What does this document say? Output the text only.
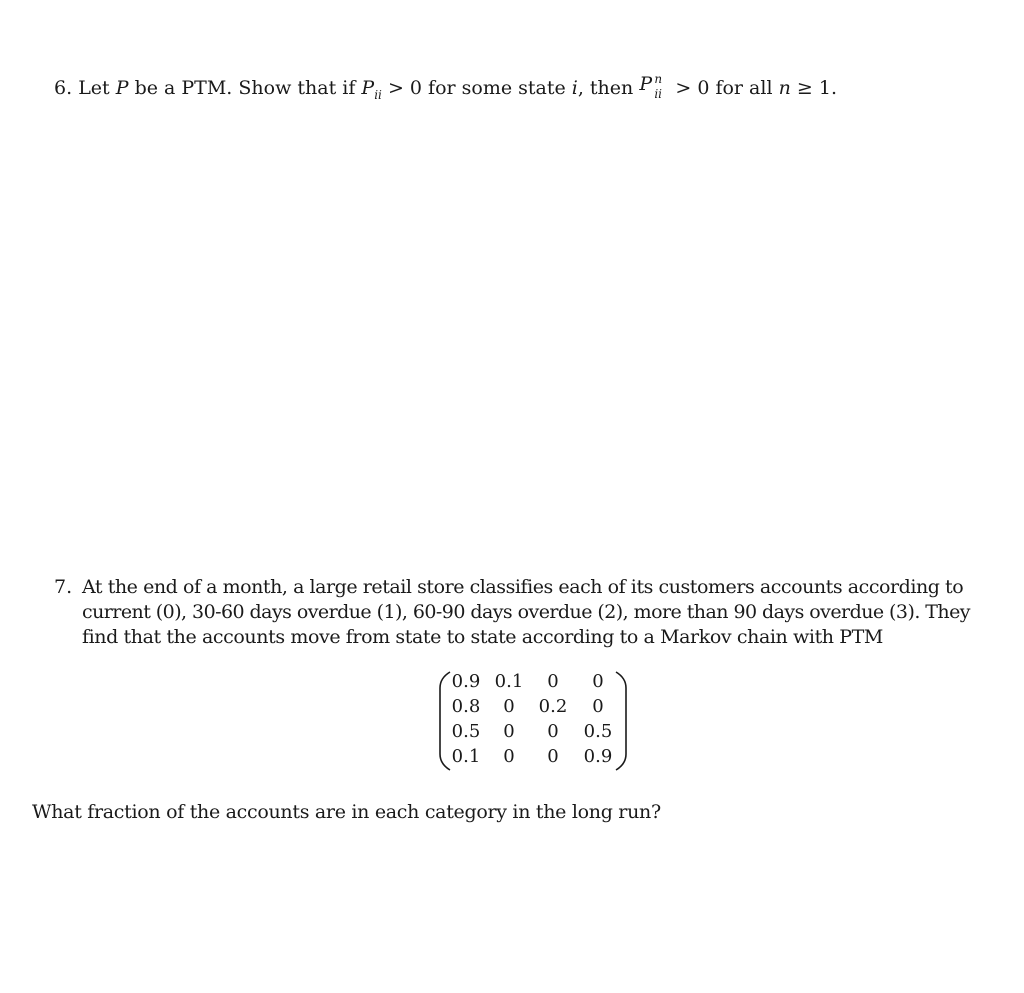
6. Let P be a PTM. Show that if $P_{ii} > 0$ for some state i, then P n
ii > 0 for all n ≥ 1.
7. At the end of a month, a large retail store classifies each of its customers accounts according to
current (0), 30-60 days overdue (1), 60-90 days overdue (2), more than 90 days overdue (3). They
find that the accounts move from state to state according to a Markov chain with PTM
0.9 0.1	0	0
0.8	0	0.2	0
0.5	0	0	0.5
0.1	0	0	0.9
What fraction of the accounts are in each category in the long run?
